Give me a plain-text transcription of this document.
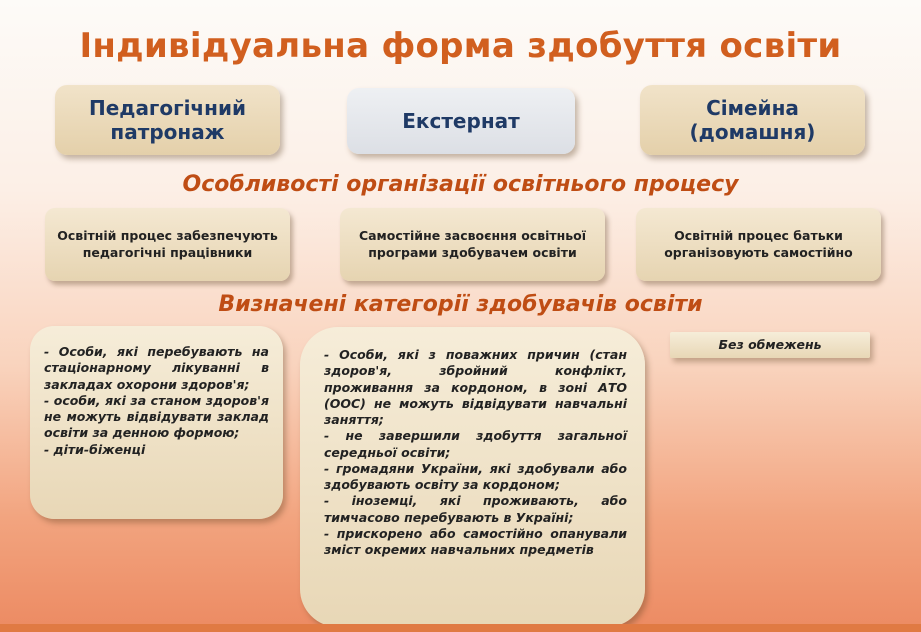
Індивідуальна форма здобуття освіти
Педагогічний патронаж	Екстернат
Сімейна (домашня)
Особливості організації освітнього процесу
Освітній процес забезпечують педагогічні працівники
Самостійне засвоєння освітньої програми здобувачем освіти
Освітній процес батьки організовують самостійно
Визначені категорії здобувачів освіти

- Особи, які перебувають на стаціонарному лікуванні в закладах охорони здоров'я;

- особи, які за станом здоров'я не можуть відвідувати заклад освіти за денною формою;

- діти-біженці

- Особи, які з поважних причин (стан здоров'я, збройний конфлікт, проживання за кордоном, в зоні АТО (ООС) не можуть відвідувати навчальні заняття;

- не завершили здобуття загальної середньої освіти;

- громадяни України, які здобували або здобувають освіту за кордоном;

- іноземці, які проживають, або тимчасово перебувають в Україні;

- прискорено або самостійно опанували зміст окремих навчальних предметів

Без обмежень
